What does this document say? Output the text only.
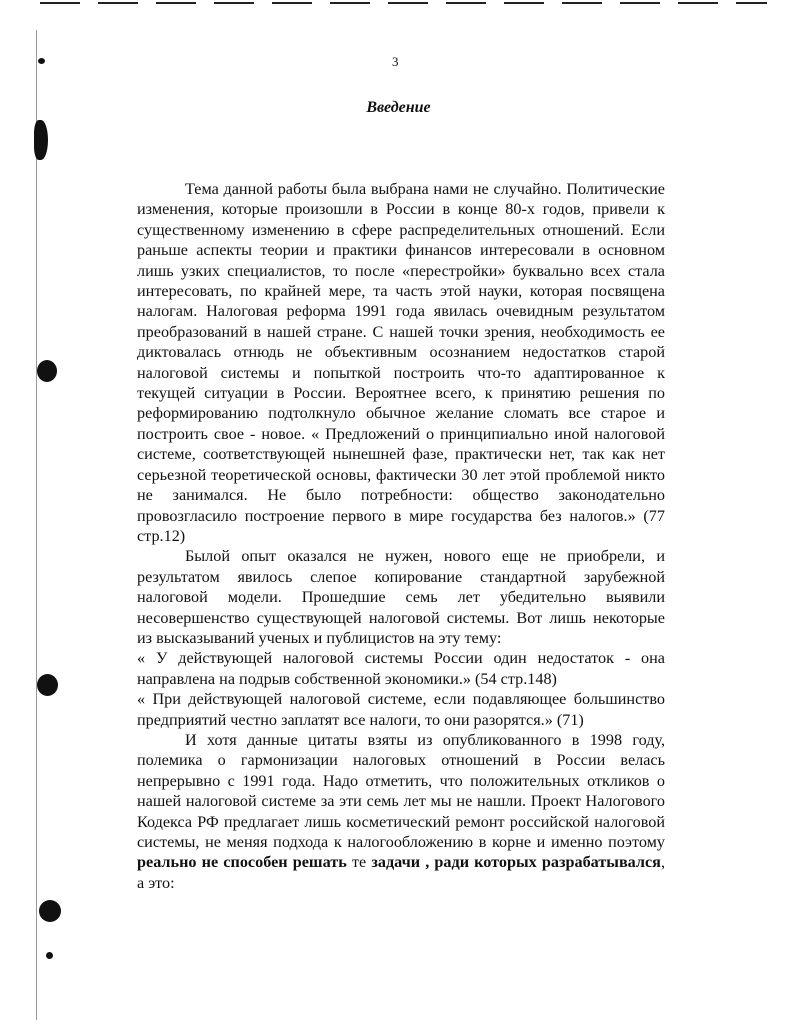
3
Введение

Тема данной работы была выбрана нами не случайно. Политические изменения, которые произошли в России в конце 80-х годов, привели к существенному изменению в сфере распределительных отношений. Если раньше аспекты теории и практики финансов интересовали в основном лишь узких специалистов, то после «перестройки» буквально всех стала интересовать, по крайней мере, та часть этой науки, которая посвящена налогам. Налоговая реформа 1991 года явилась очевидным результатом преобразований в нашей стране. С нашей точки зрения, необходимость ее диктовалась отнюдь не объективным осознанием недостатков старой налоговой системы и попыткой построить что-то адаптированное к текущей ситуации в России. Вероятнее всего, к принятию решения по реформированию подтолкнуло обычное желание сломать все старое и построить свое - новое. « Предложений о принципиально иной налоговой системе, соответствующей нынешней фазе, практически нет, так как нет серьезной теоретической основы, фактически 30 лет этой проблемой никто не занимался. Не было потребности: общество законодательно провозгласило построение первого в мире государства без налогов.» (77 стр.12)

Былой опыт оказался не нужен, нового еще не приобрели, и результатом явилось слепое копирование стандартной зарубежной налоговой модели. Прошедшие семь лет убедительно выявили несовершенство существующей налоговой системы. Вот лишь некоторые из высказываний ученых и публицистов на эту тему:

« У действующей налоговой системы России один недостаток - она направлена на подрыв собственной экономики.» (54 стр.148)

« При действующей налоговой системе, если подавляющее большинство предприятий честно заплатят все налоги, то они разорятся.» (71)

И хотя данные цитаты взяты из опубликованного в 1998 году, полемика о гармонизации налоговых отношений в России велась непрерывно с 1991 года. Надо отметить, что положительных откликов о нашей налоговой системе за эти семь лет мы не нашли. Проект Налогового Кодекса РФ предлагает лишь косметический ремонт российской налоговой системы, не меняя подхода к налогообложению в корне и именно поэтому реально не способен решать те задачи , ради которых разрабатывался, а это:
